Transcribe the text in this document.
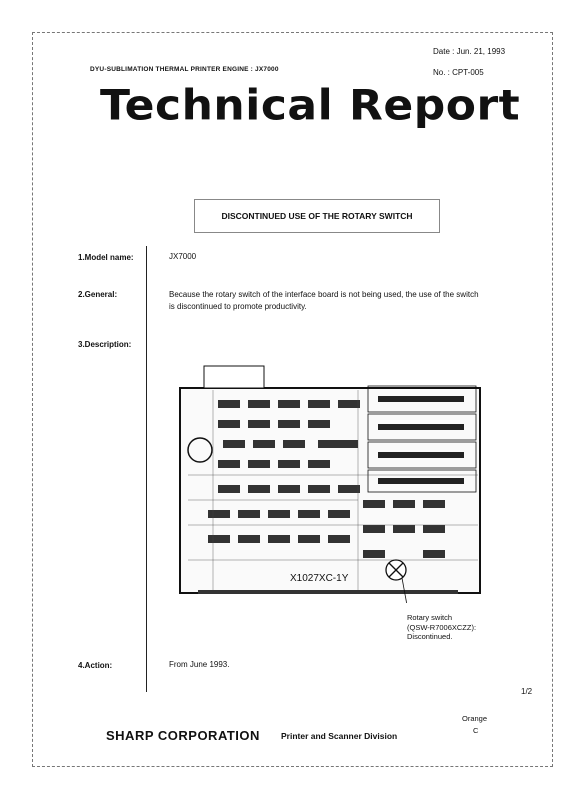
DYU-SUBLIMATION THERMAL PRINTER ENGINE : JX7000
Date : Jun. 21, 1993
No. : CPT-005
Technical Report
DISCONTINUED USE OF THE ROTARY SWITCH
1.Model name:	JX7000
2.General:	Because the rotary switch of the interface board is not being used, the use of the switch
is discontinued to promote productivity.
3.Description:
X1027XC-1Y
Rotary switch
(QSW-R7006XCZZ):
Discontinued.
4.Action:	From June 1993.
1/2
Orange
C
SHARP CORPORATION Printer and Scanner Division
